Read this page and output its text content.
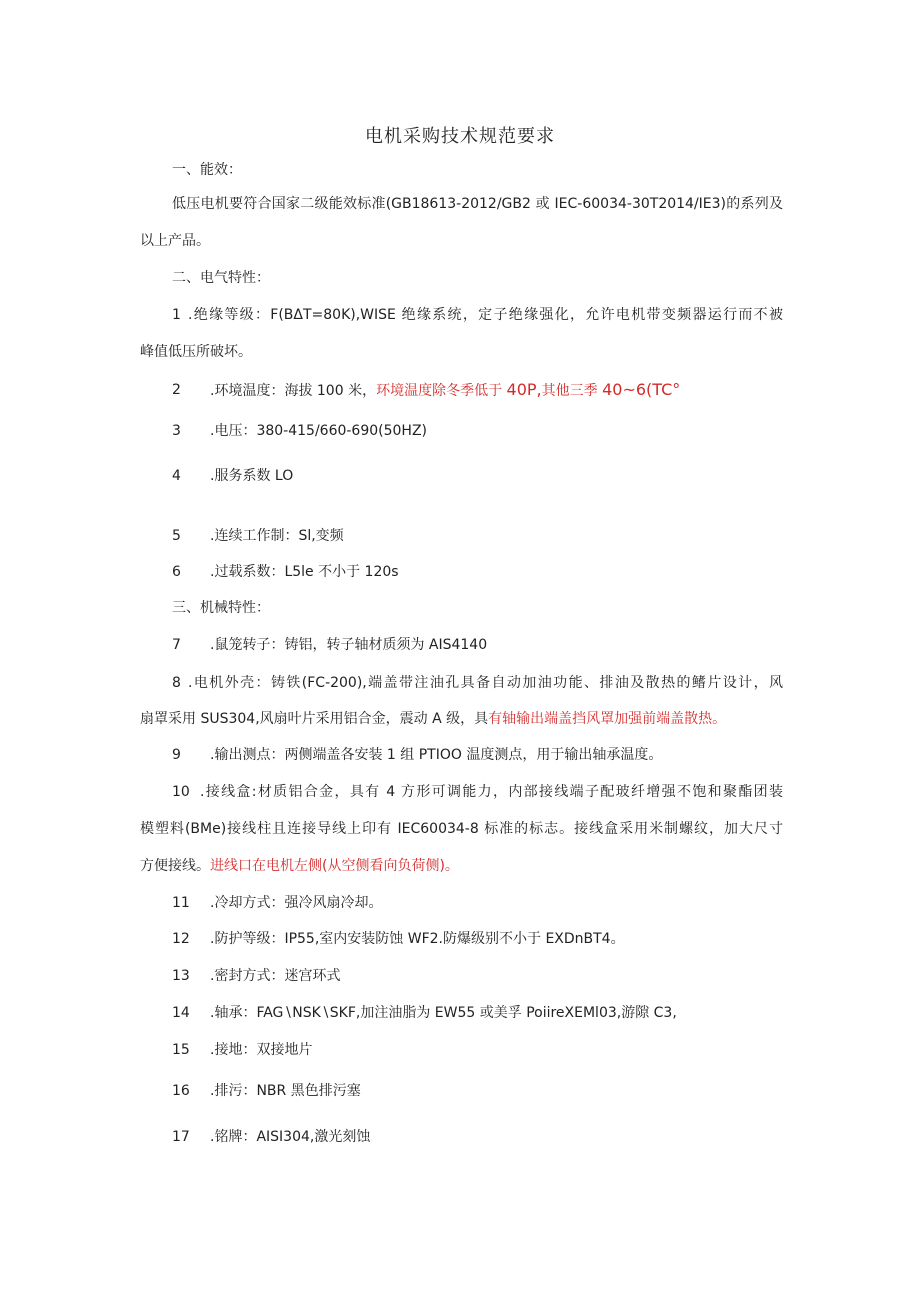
电机采购技术规范要求
一、能效：
低压电机要符合国家二级能效标准(GB18613-2012/GB2 或 IEC-60034-30T2014/IE3)的系列及
以上产品。
二、电气特性：
1 .绝缘等级：F(BΔT=80K),WISE 绝缘系统，定子绝缘强化，允许电机带变频器运行而不被
峰值低压所破坏。
2 .环境温度：海拔 100 米，环境温度除冬季低于 40P,其他三季 40~6(TC°
3 .电压：380-415/660-690(50HZ)
4 .服务系数 LO
5 .连续工作制：Sl,变频
6 .过载系数：L5le 不小于 120s
三、机械特性：
7 .鼠笼转子：铸铝，转子轴材质须为 AIS4140
8 .电机外壳：铸铁(FC-200),端盖带注油孔具备自动加油功能、排油及散热的鳍片设计，风
扇罩采用 SUS304,风扇叶片采用铝合金，震动 A 级，具有轴输出端盖挡风罩加强前端盖散热。
9 .输出测点：两侧端盖各安装 1 组 PTIOO 温度测点，用于输出轴承温度。
10 .接线盒:材质铝合金，具有 4 方形可调能力，内部接线端子配玻纤增强不饱和聚酯团装
模塑料(BMe)接线柱且连接导线上印有 IEC60034-8 标准的标志。接线盒采用米制螺纹，加大尺寸
方便接线。进线口在电机左侧(从空侧看向负荷侧)。
11 .冷却方式：强冷风扇冷却。
12 .防护等级：IP55,室内安装防蚀 WF2.防爆级别不小于 EXDnBT4。
13 .密封方式：迷宫环式
14 .轴承：FAG∖NSK∖SKF,加注油脂为 EW55 或美孚 PoiireXEMl03,游隙 C3,
15 .接地：双接地片
16 .排污：NBR 黑色排污塞
17 .铭牌：AISI304,激光刻蚀
